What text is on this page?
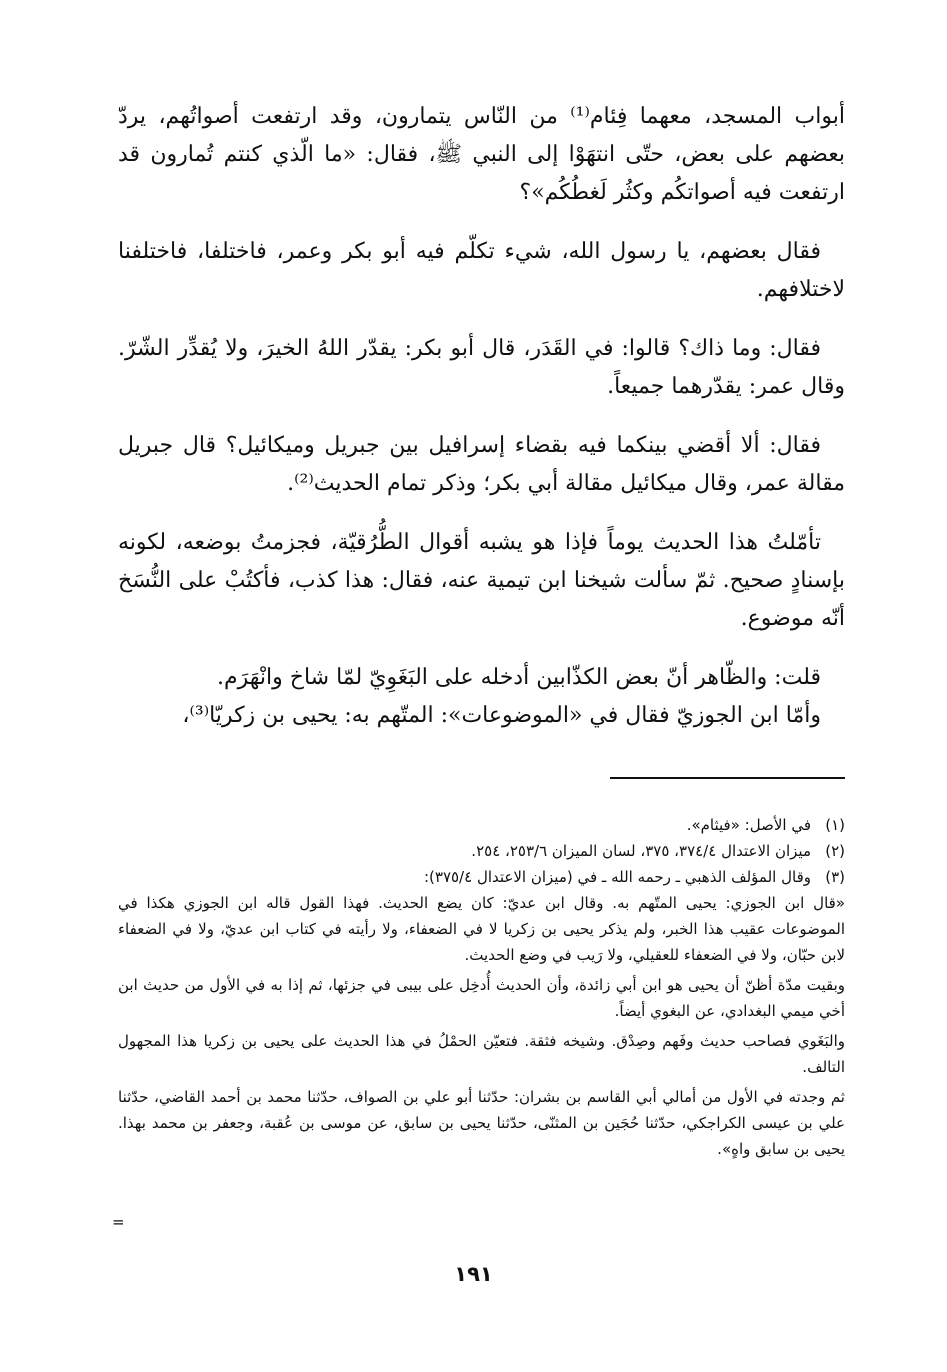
أبواب المسجد، معهما فِئام⁽¹⁾ من النّاس يتمارون، وقد ارتفعت أصواتُهم، يردّ بعضهم على بعض، حتّى انتهَوْا إلى النبي ﷺ، فقال: «ما الّذي كنتم تُمارون قد ارتفعت فيه أصواتكُم وكثُر لَغطُكُم»؟

فقال بعضهم، يا رسول الله، شيء تكلّم فيه أبو بكر وعمر، فاختلفا، فاختلفنا لاختلافهم.

فقال: وما ذاك؟ قالوا: في القَدَر، قال أبو بكر: يقدّر اللهُ الخيرَ، ولا يُقدِّر الشّرّ. وقال عمر: يقدّرهما جميعاً.

فقال: ألا أقضي بينكما فيه بقضاء إسرافيل بين جبريل وميكائيل؟ قال جبريل مقالة عمر، وقال ميكائيل مقالة أبي بكر؛ وذكر تمام الحديث⁽²⁾.

تأمّلتُ هذا الحديث يوماً فإذا هو يشبه أقوال الطُّرُقيّة، فجزمتُ بوضعه، لكونه بإسنادٍ صحيح. ثمّ سألت شيخنا ابن تيمية عنه، فقال: هذا كذب، فأكتُبْ على النُّسَخ أنّه موضوع.

قلت: والظّاهر أنّ بعض الكذّابين أدخله على البَغَوِيّ لمّا شاخ وانْهَرَم.

وأمّا ابن الجوزيّ فقال في «الموضوعات»: المتّهم به: يحيى بن زكريّا⁽³⁾،

(١)
في الأصل: «فيثام».
(٢)
ميزان الاعتدال ٣٧٤/٤، ٣٧٥، لسان الميزان ٢٥٣/٦، ٢٥٤.
(٣)
وقال المؤلف الذهبي ـ رحمه الله ـ في (ميزان الاعتدال ٣٧٥/٤):

«قال ابن الجوزي: يحيى المتّهم به. وقال ابن عديّ: كان يضع الحديث. فهذا القول قاله ابن الجوزي هكذا في الموضوعات عقيب هذا الخبر، ولم يذكر يحيى بن زكريا لا في الضعفاء، ولا رأيته في كتاب ابن عديّ، ولا في الضعفاء لابن حبّان، ولا في الضعفاء للعقيلي، ولا رَيب في وضع الحديث.

وبقيت مدّة أظنّ أن يحيى هو ابن أبي زائدة، وأن الحديث أُدخِل على بيبى في جزئها، ثم إذا به في الأول من حديث ابن أخي ميمي البغدادي، عن البغوي أيضاً.

والبَغَوي فصاحب حديث وفَهم وصِدْق. وشيخه فثقة. فتعيّن الحمْلُ في هذا الحديث على يحيى بن زكريا هذا المجهول التالف.

ثم وجدته في الأول من أمالي أبي القاسم بن بشران: حدّثنا أبو علي بن الصواف، حدّثنا محمد بن أحمد القاضي، حدّثنا علي بن عيسى الكراجكي، حدّثنا حُجَين بن المثنّى، حدّثنا يحيى بن سابق، عن موسى بن عُقبة، وجعفر بن محمد بهذا. يحيى بن سابق واهٍ».

=
١٩١
